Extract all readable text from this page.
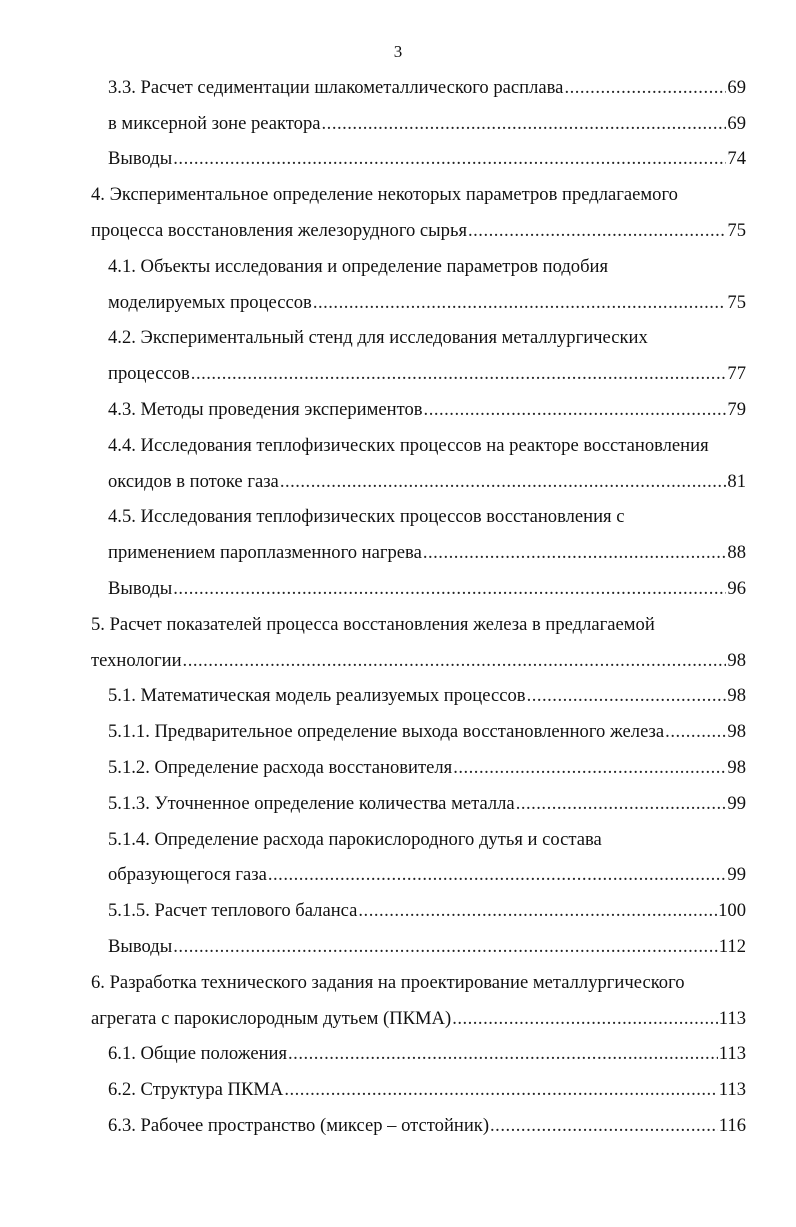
3
3.3. Расчет седиментации шлакометаллического расплава .....	69
в миксерной зоне реактора .....	69
Выводы .....	74
4. Экспериментальное определение некоторых параметров предлагаемого
процесса восстановления железорудного сырья .....	75
4.1. Объекты исследования и определение параметров подобия
моделируемых процессов .....	75
4.2. Экспериментальный стенд для исследования металлургических
процессов .....	77
4.3. Методы проведения экспериментов .....	79
4.4. Исследования теплофизических процессов на реакторе восстановления
оксидов в потоке газа .....	81
4.5. Исследования теплофизических процессов восстановления с
применением пароплазменного нагрева .....	88
Выводы .....	96
5. Расчет показателей процесса восстановления железа в предлагаемой
технологии .....	98
5.1. Математическая модель реализуемых процессов .....	98
5.1.1. Предварительное определение выхода восстановленного железа .....	98
5.1.2. Определение расхода восстановителя .....	98
5.1.3. Уточненное определение количества металла .....	99
5.1.4. Определение расхода парокислородного дутья и состава
образующегося газа .....	99
5.1.5. Расчет теплового баланса .....	100
Выводы .....	112
6. Разработка технического задания на проектирование металлургического
агрегата с парокислородным дутьем (ПКМА) .....	113
6.1. Общие положения .....	113
6.2. Структура ПКМА .....	113
6.3. Рабочее пространство (миксер – отстойник) .....	116
